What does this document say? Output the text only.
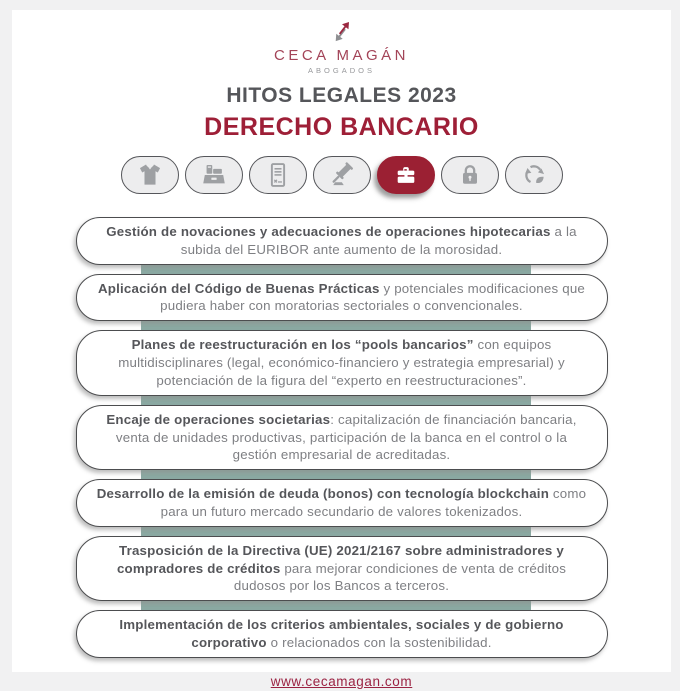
CECA MAGÁN
ABOGADOS
HITOS LEGALES 2023
DERECHO BANCARIO
Gestión de novaciones y adecuaciones de operaciones hipotecarias a la subida del EURIBOR ante aumento de la morosidad.
Aplicación del Código de Buenas Prácticas y potenciales modificaciones que pudiera haber con moratorias sectoriales o convencionales.
Planes de reestructuración en los “pools bancarios” con equipos multidisciplinares (legal, económico-financiero y estrategia empresarial) y potenciación de la figura del “experto en reestructuraciones”.
Encaje de operaciones societarias: capitalización de financiación bancaria, venta de unidades productivas, participación de la banca en el control o la gestión empresarial de acreditadas.
Desarrollo de la emisión de deuda (bonos) con tecnología blockchain como para un futuro mercado secundario de valores tokenizados.
Trasposición de la Directiva (UE) 2021/2167 sobre administradores y compradores de créditos para mejorar condiciones de venta de créditos dudosos por los Bancos a terceros.
Implementación de los criterios ambientales, sociales y de gobierno corporativo o relacionados con la sostenibilidad.
www.cecamagan.com
